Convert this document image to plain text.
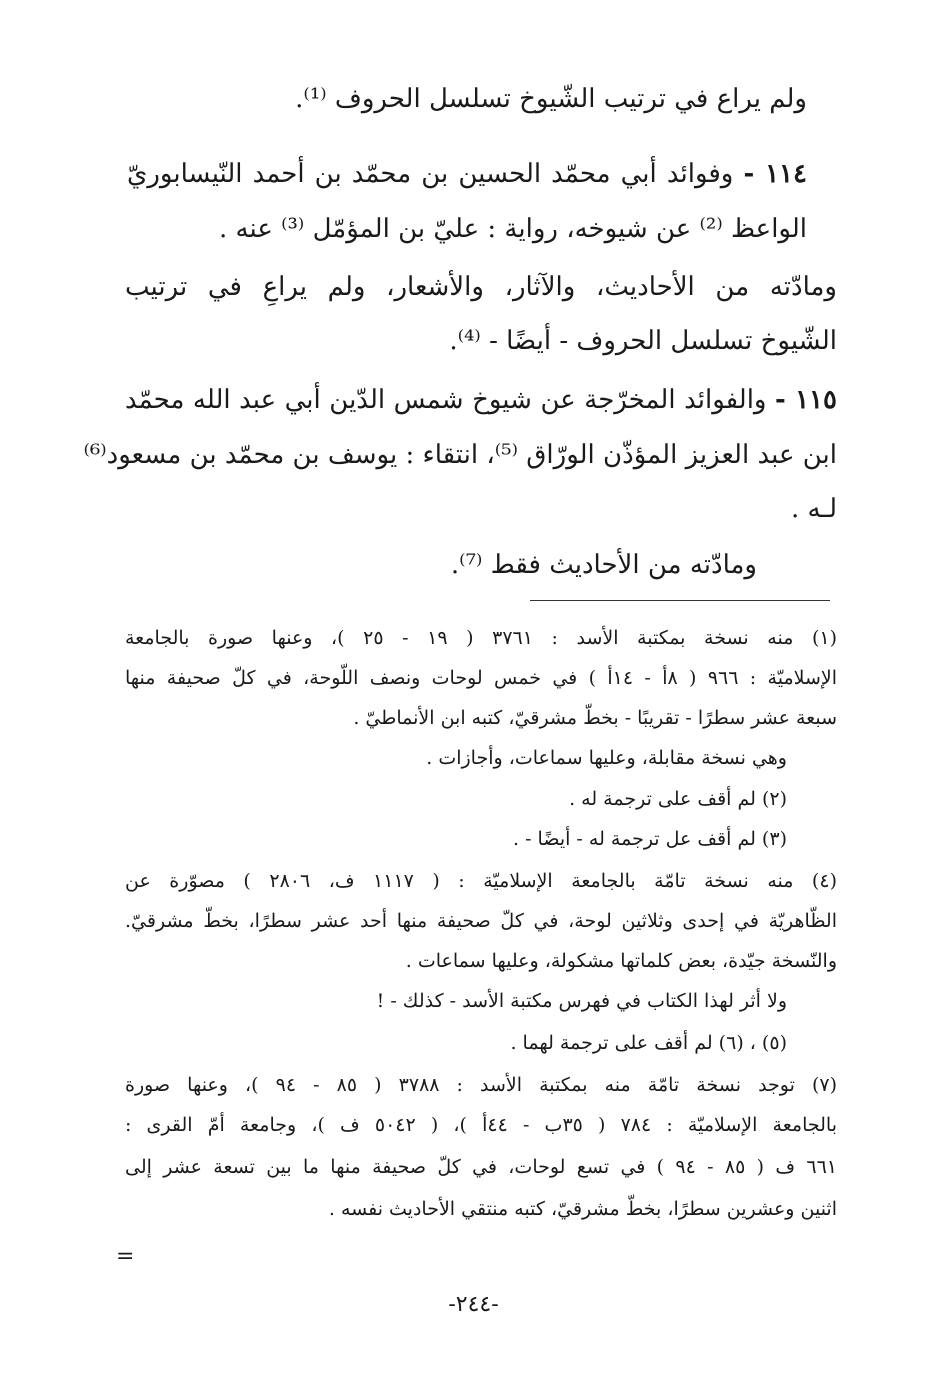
ولم يراع في ترتيب الشّيوخ تسلسل الحروف ⁽¹⁾.
١١٤ - وفوائد أبي محمّد الحسين بن محمّد بن أحمد النّيسابوريّ
الواعظ ⁽²⁾ عن شيوخه، رواية : عليّ بن المؤمّل ⁽³⁾ عنه .
ومادّته من الأحاديث، والآثار، والأشعار، ولم يراعِ في ترتيب
الشّيوخ تسلسل الحروف - أيضًا - ⁽⁴⁾.
١١٥ - والفوائد المخرّجة عن شيوخ شمس الدّين أبي عبد الله محمّد
ابن عبد العزيز المؤذّن الورّاق ⁽⁵⁾، انتقاء : يوسف بن محمّد بن مسعود⁽⁶⁾
لـه .
ومادّته من الأحاديث فقط ⁽⁷⁾.
(١) منه نسخة بمكتبة الأسد : ٣٧٦١ ( ١٩ - ٢٥ )، وعنها صورة بالجامعة
الإسلاميّة : ٩٦٦ ( ٨أ - ١٤أ ) في خمس لوحات ونصف اللّوحة، في كلّ صحيفة منها
سبعة عشر سطرًا - تقريبًا - بخطّ مشرقيّ، كتبه ابن الأنماطيّ .
وهي نسخة مقابلة، وعليها سماعات، وأجازات .
(٢) لم أقف على ترجمة له .
(٣) لم أقف عل ترجمة له - أيضًا - .
(٤) منه نسخة تامّة بالجامعة الإسلاميّة : ( ١١١٧ ف، ٢٨٠٦ ) مصوّرة عن
الظّاهريّة في إحدى وثلاثين لوحة، في كلّ صحيفة منها أحد عشر سطرًا، بخطّ مشرقيّ.
والنّسخة جيّدة، بعض كلماتها مشكولة، وعليها سماعات .
ولا أثر لهذا الكتاب في فهرس مكتبة الأسد - كذلك - !
(٥) ، (٦) لم أقف على ترجمة لهما .
(٧) توجد نسخة تامّة منه بمكتبة الأسد : ٣٧٨٨ ( ٨٥ - ٩٤ )، وعنها صورة
بالجامعة الإسلاميّة : ٧٨٤ ( ٣٥ب - ٤٤أ )، ( ٥٠٤٢ ف )، وجامعة أمّ القرى :
٦٦١ ف ( ٨٥ - ٩٤ ) في تسع لوحات، في كلّ صحيفة منها ما بين تسعة عشر إلى
اثنين وعشرين سطرًا، بخطّ مشرقيّ، كتبه منتقي الأحاديث نفسه .
=
-٢٤٤-
